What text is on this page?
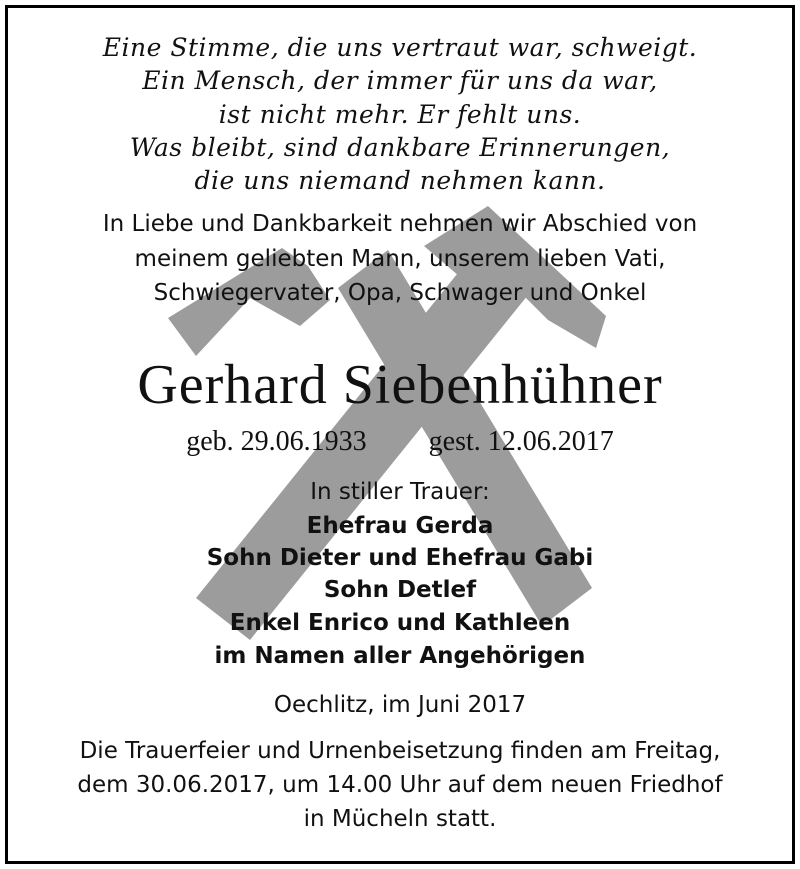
Eine Stimme, die uns vertraut war, schweigt.
Ein Mensch, der immer für uns da war,
ist nicht mehr. Er fehlt uns.
Was bleibt, sind dankbare Erinnerungen,
die uns niemand nehmen kann.
In Liebe und Dankbarkeit nehmen wir Abschied von
meinem geliebten Mann, unserem lieben Vati,
Schwiegervater, Opa, Schwager und Onkel
Gerhard Siebenhühner
geb. 29.06.1933 gest. 12.06.2017
In stiller Trauer:
Ehefrau Gerda
Sohn Dieter und Ehefrau Gabi
Sohn Detlef
Enkel Enrico und Kathleen
im Namen aller Angehörigen
Oechlitz, im Juni 2017
Die Trauerfeier und Urnenbeisetzung finden am Freitag,
dem 30.06.2017, um 14.00 Uhr auf dem neuen Friedhof
in Mücheln statt.
